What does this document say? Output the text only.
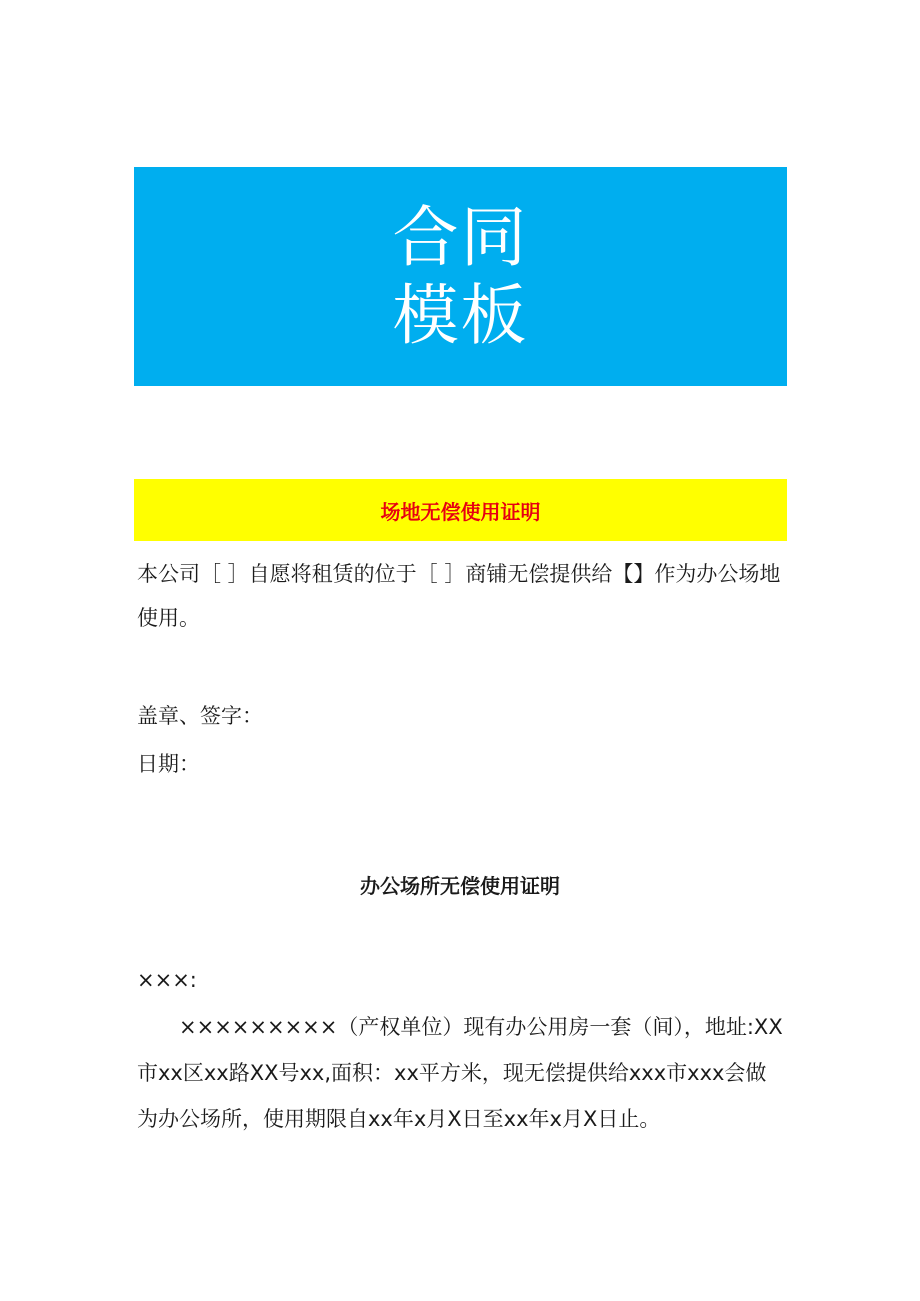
合同
模板
场地无偿使用证明

本公司［ ］自愿将租赁的位于［ ］商铺无偿提供给【】作为办公场地使用。

盖章、签字：
日期：
办公场所无偿使用证明
×××:

×××××××××（产权单位）现有办公用房一套（间），地址:XX市xx区xx路XX号xx,面积：xx平方米，现无偿提供给xxx市xxx会做为办公场所，使用期限自xx年x月X日至xx年x月X日止。
